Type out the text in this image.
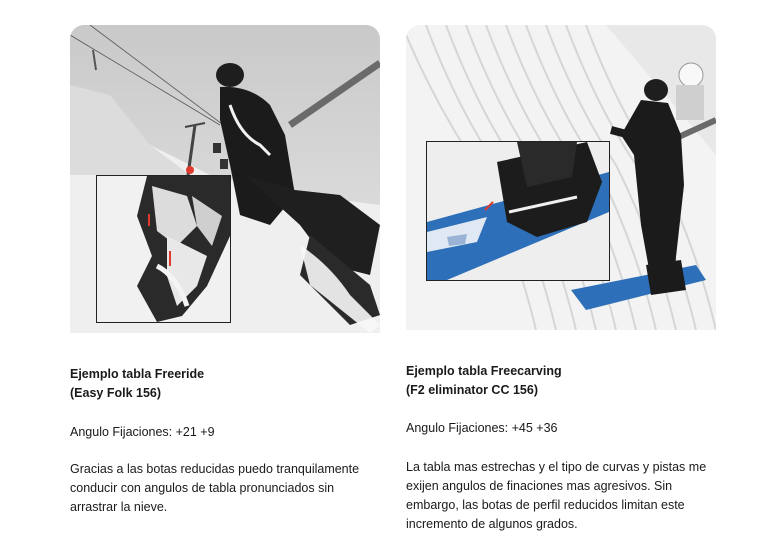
Ejemplo tabla Freeride
(Easy Folk 156)
Angulo Fijaciones: +21 +9
Gracias a las botas reducidas puedo tranquilamente
conducir con angulos de tabla pronunciados sin
arrastrar la nieve.
Ejemplo tabla Freecarving
(F2 eliminator CC 156)
Angulo Fijaciones: +45 +36
La tabla mas estrechas y el tipo de curvas y pistas me
exijen angulos de finaciones mas agresivos. Sin
embargo, las botas de perfil reducidos limitan este
incremento de algunos grados.
